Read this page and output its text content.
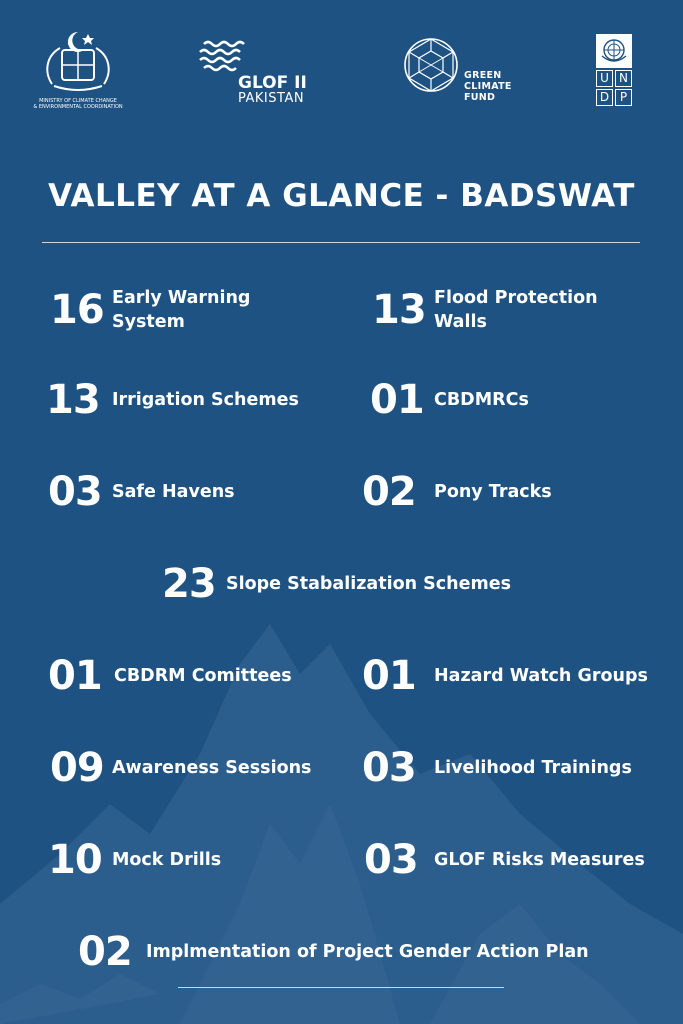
MINISTRY OF CLIMATE CHANGE
& ENVIRONMENTAL COORDINATION
GLOF II
PAKISTAN
GREEN
CLIMATE
FUND
U N
D P
VALLEY AT A GLANCE - BADSWAT
16 Early Warning
System	13 Flood Protection
Walls
13 Irrigation Schemes 01 CBDMRCs
03 Safe Havens	02	Pony Tracks
23 Slope Stabalization Schemes
01 CBDRM Comittees 01	Hazard Watch Groups
09 Awareness Sessions 03	Livelihood Trainings
10 Mock Drills	03 GLOF Risks Measures
02 Implmentation of Project Gender Action Plan
